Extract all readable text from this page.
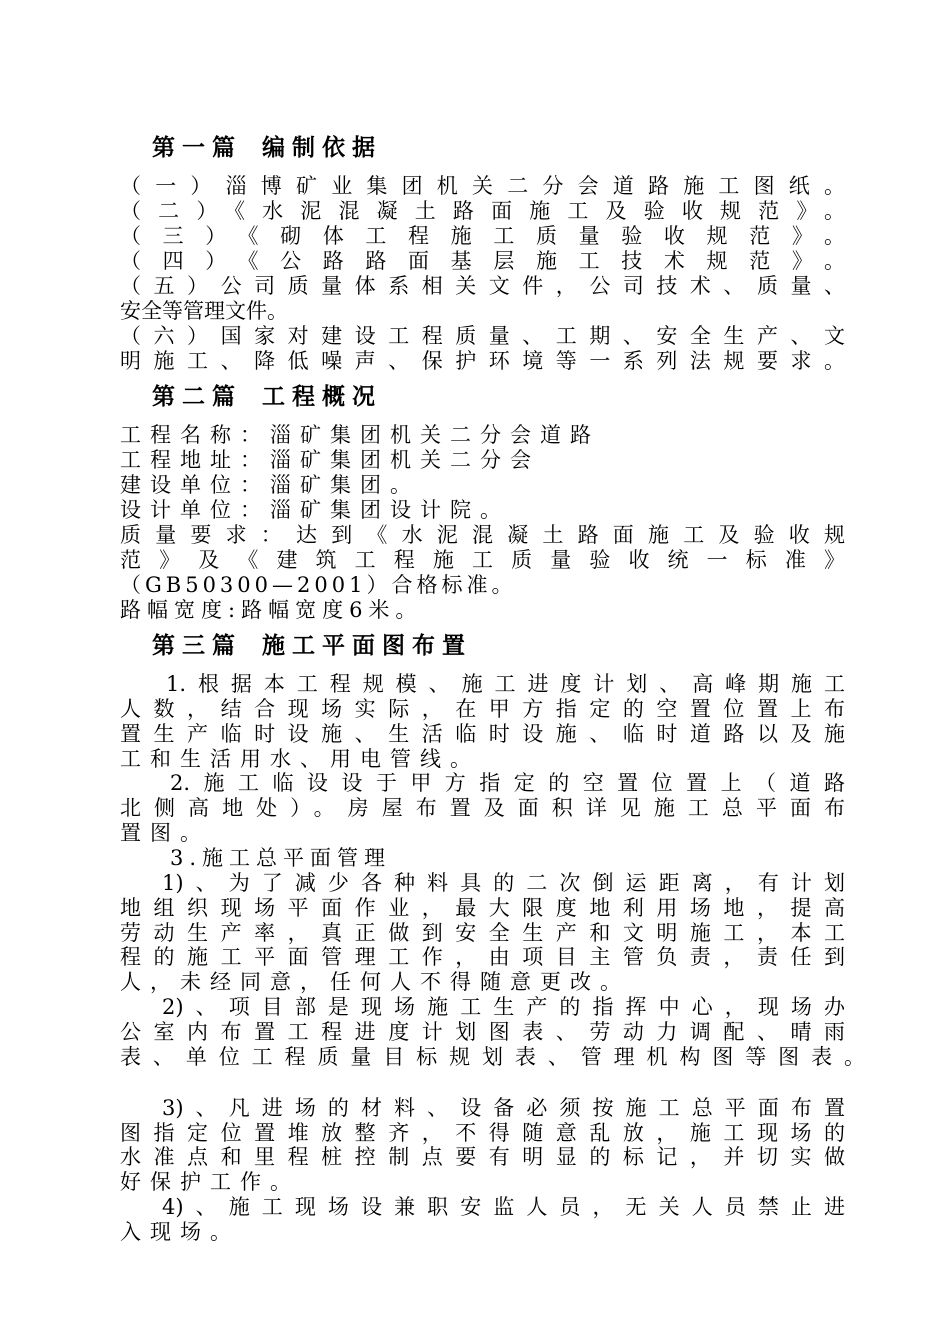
第一篇 编制依据
（一）淄博矿业集团机关二分会道路施工图纸。
（二）《水泥混凝土路面施工及验收规范》。
（三）《砌体工程施工质量验收规范》。
（四）《公路路面基层施工技术规范》。
（五）公司质量体系相关文件，公司技术、质量、
安全等管理文件。
（六）国家对建设工程质量、工期、安全生产、文
明施工、降低噪声、保护环境等一系列法规要求。
第二篇 工程概况
工程名称：淄矿集团机关二分会道路
工程地址：淄矿集团机关二分会
建设单位：淄矿集团。
设计单位：淄矿集团设计院。
质量要求：达到《水泥混凝土路面施工及验收规
范》及《建筑工程施工质量验收统一标准》
（GB50300—2001）合格标准。
路幅宽度:路幅宽度6米。
第三篇 施工平面图布置
1.根据本工程规模、施工进度计划、高峰期施工
人数，结合现场实际，在甲方指定的空置位置上布
置生产临时设施、生活临时设施、临时道路以及施
工和生活用水、用电管线。
2.施工临设设于甲方指定的空置位置上（道路
北侧高地处）。房屋布置及面积详见施工总平面布
置图。
3.施工总平面管理
1)、为了减少各种料具的二次倒运距离，有计划
地组织现场平面作业，最大限度地利用场地，提高
劳动生产率，真正做到安全生产和文明施工，本工
程的施工平面管理工作，由项目主管负责，责任到
人，未经同意，任何人不得随意更改。
2)、项目部是现场施工生产的指挥中心，现场办
公室内布置工程进度计划图表、劳动力调配、晴雨
表、单位工程质量目标规划表、管理机构图等图表。
3)、凡进场的材料、设备必须按施工总平面布置
图指定位置堆放整齐，不得随意乱放，施工现场的
水准点和里程桩控制点要有明显的标记，并切实做
好保护工作。
4)、施工现场设兼职安监人员，无关人员禁止进
入现场。
